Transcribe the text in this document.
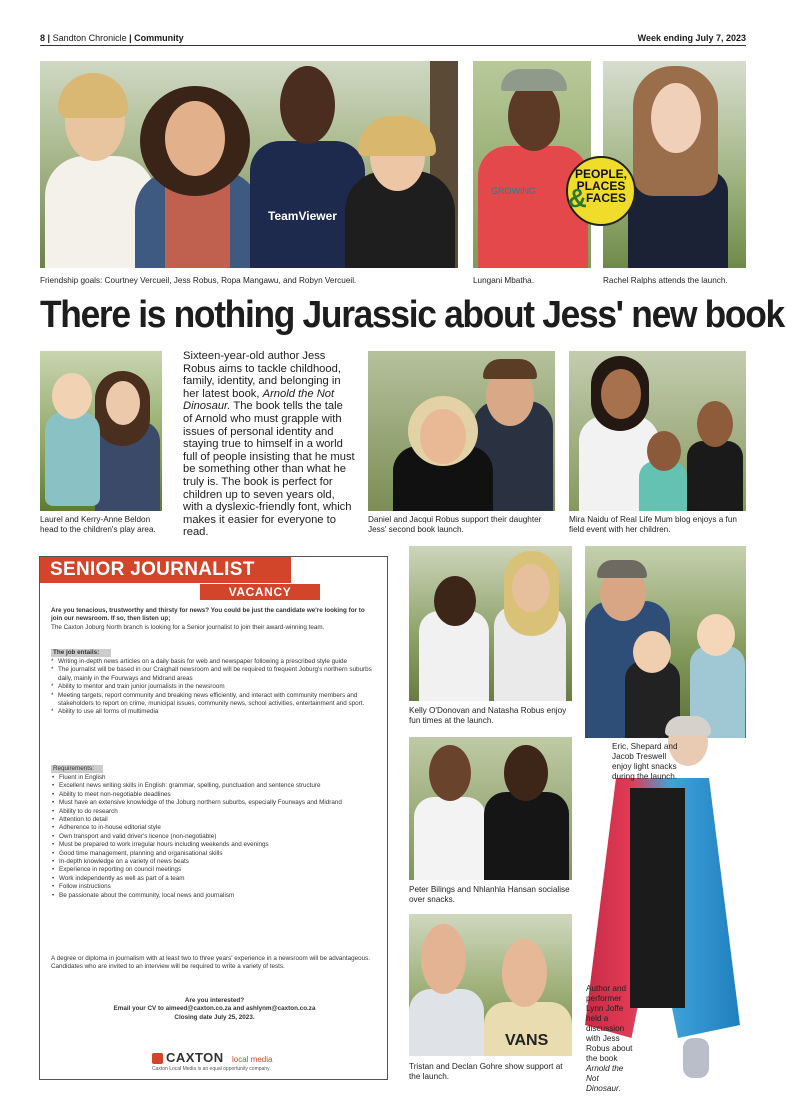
8 | Sandton Chronicle | Community	Week ending July 7, 2023
TeamViewer
GROWING
PEOPLE,
PLACES
& FACES
Friendship goals: Courtney Vercueil, Jess Robus, Ropa Mangawu, and Robyn Vercueil.	Lungani Mbatha.	Rachel Ralphs attends the launch.
There is nothing Jurassic about Jess' new book
Laurel and Kerry-Anne Beldon head to the children's play area.
Sixteen-year-old author Jess Robus aims to tackle childhood, family, identity, and belonging in her latest book, Arnold the Not Dinosaur. The book tells the tale of Arnold who must grapple with issues of personal identity and staying true to himself in a world full of people insisting that he must be something other than what he truly is. The book is perfect for children up to seven years old, with a dyslexic-friendly font, which makes it easier for everyone to read.
Daniel and Jacqui Robus support their daughter Jess' second book launch.
Mira Naidu of Real Life Mum blog enjoys a fun field event with her children.
SENIOR JOURNALIST
VACANCY
Are you tenacious, trustworthy and thirsty for news? You could be just the candidate we're looking for to join our newsroom. If so, then listen up;
The Caxton Joburg North branch is looking for a Senior journalist to join their award-winning team.
The job entails:
* Writing in-depth news articles on a daily basis for web and newspaper following a prescribed style guide
* The journalist will be based in our Craighall newsroom and will be required to frequent Joburg's northern suburbs daily, mainly in the Fourways and Midrand areas
* Ability to mentor and train junior journalists in the newsroom
* Meeting targets, report community and breaking news efficiently, and interact with community members and stakeholders to report on crime, municipal issues, community news, school activities, entertainment and sport.
* Ability to use all forms of multimedia
Requirements:
• Fluent in English
• Excellent news writing skills in English: grammar, spelling, punctuation and sentence structure
• Ability to meet non-negotiable deadlines
• Must have an extensive knowledge of the Joburg northern suburbs, especially Fourways and Midrand
• Ability to do research
• Attention to detail
• Adherence to in-house editorial style
• Own transport and valid driver's licence (non-negotiable)
• Must be prepared to work irregular hours including weekends and evenings
• Good time management, planning and organisational skills
• In-depth knowledge on a variety of news beats
• Experience in reporting on council meetings
• Work independently as well as part of a team
• Follow instructions
• Be passionate about the community, local news and journalism
A degree or diploma in journalism with at least two to three years' experience in a newsroom will be advantageous.
Candidates who are invited to an interview will be required to write a variety of tests.
Are you interested?
Email your CV to aimeed@caxton.co.za and ashlynm@caxton.co.za
Closing date July 25, 2023.
CAXTON local media
Caxton Local Media is an equal opportunity company.
Kelly O'Donovan and Natasha Robus enjoy fun times at the launch.
Peter Bilings and Nhlanhla Hansan socialise over snacks.
VANS
Tristan and Declan Gohre show support at the launch.
Eric, Shepard and Jacob Treswell enjoy light snacks during the launch.
Author and performer Lynn Joffe held a discussion with Jess Robus about the book Arnold the Not Dinosaur.
